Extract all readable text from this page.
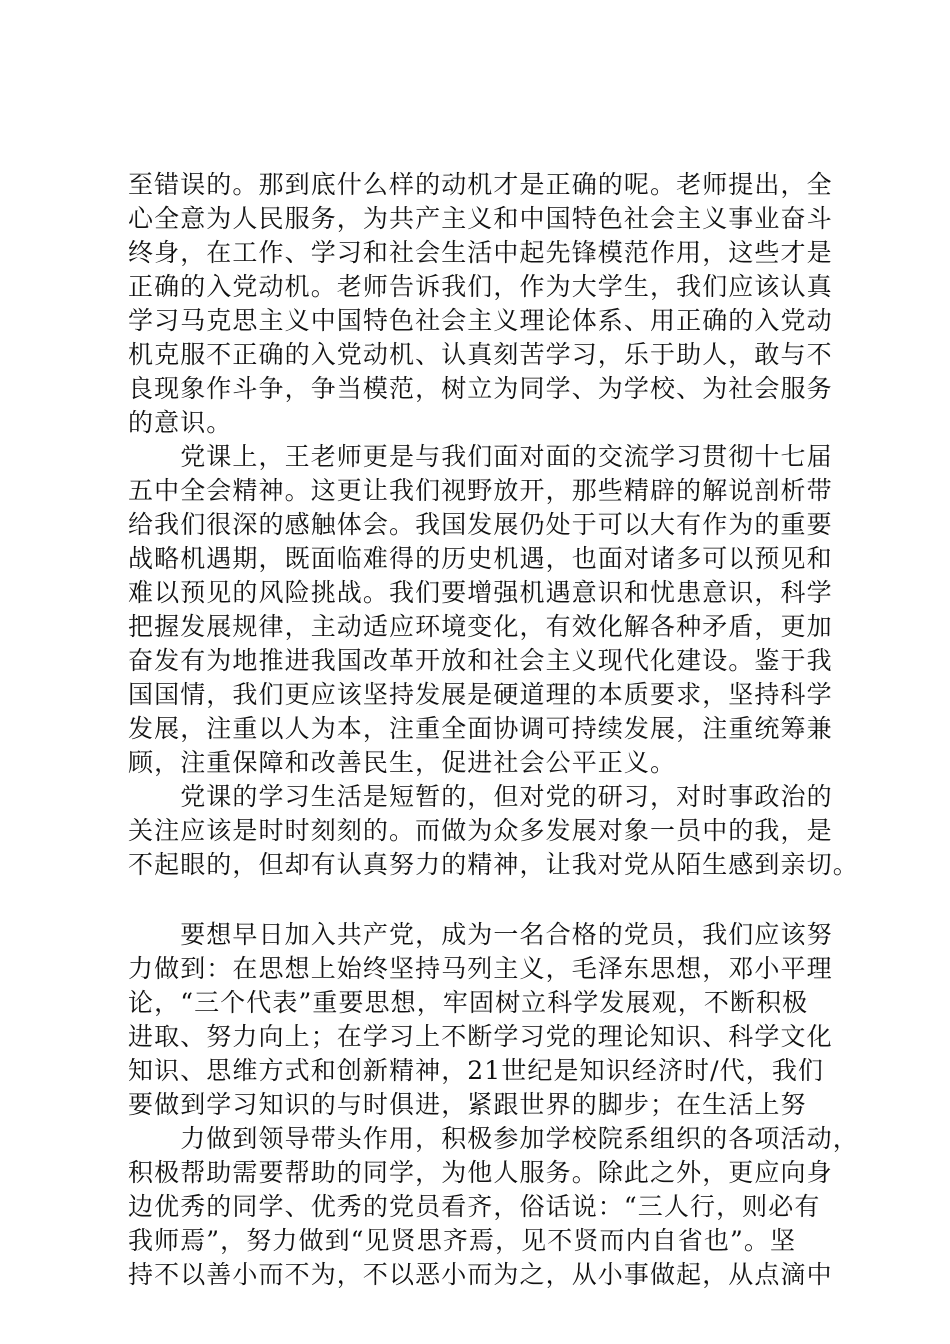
至错误的。那到底什么样的动机才是正确的呢。老师提出，全
心全意为人民服务，为共产主义和中国特色社会主义事业奋斗
终身，在工作、学习和社会生活中起先锋模范作用，这些才是
正确的入党动机。老师告诉我们，作为大学生，我们应该认真
学习马克思主义中国特色社会主义理论体系、用正确的入党动
机克服不正确的入党动机、认真刻苦学习，乐于助人，敢与不
良现象作斗争，争当模范，树立为同学、为学校、为社会服务
的意识。
　　党课上，王老师更是与我们面对面的交流学习贯彻十七届
五中全会精神。这更让我们视野放开，那些精辟的解说剖析带
给我们很深的感触体会。我国发展仍处于可以大有作为的重要
战略机遇期，既面临难得的历史机遇，也面对诸多可以预见和
难以预见的风险挑战。我们要增强机遇意识和忧患意识，科学
把握发展规律，主动适应环境变化，有效化解各种矛盾，更加
奋发有为地推进我国改革开放和社会主义现代化建设。鉴于我
国国情，我们更应该坚持发展是硬道理的本质要求，坚持科学
发展，注重以人为本，注重全面协调可持续发展，注重统筹兼
顾，注重保障和改善民生，促进社会公平正义。
　　党课的学习生活是短暂的，但对党的研习，对时事政治的
关注应该是时时刻刻的。而做为众多发展对象一员中的我，是
不起眼的，但却有认真努力的精神，让我对党从陌生感到亲切。
　　要想早日加入共产党，成为一名合格的党员，我们应该努
力做到：在思想上始终坚持马列主义，毛泽东思想，邓小平理
论，“三个代表”重要思想，牢固树立科学发展观，不断积极
进取、努力向上；在学习上不断学习党的理论知识、科学文化
知识、思维方式和创新精神，21世纪是知识经济时/代，我们
要做到学习知识的与时俱进，紧跟世界的脚步；在生活上努
　　力做到领导带头作用，积极参加学校院系组织的各项活动，
积极帮助需要帮助的同学，为他人服务。除此之外，更应向身
边优秀的同学、优秀的党员看齐，俗话说：“三人行，则必有
我师焉”，努力做到“见贤思齐焉，见不贤而内自省也”。坚
持不以善小而不为，不以恶小而为之，从小事做起，从点滴中
